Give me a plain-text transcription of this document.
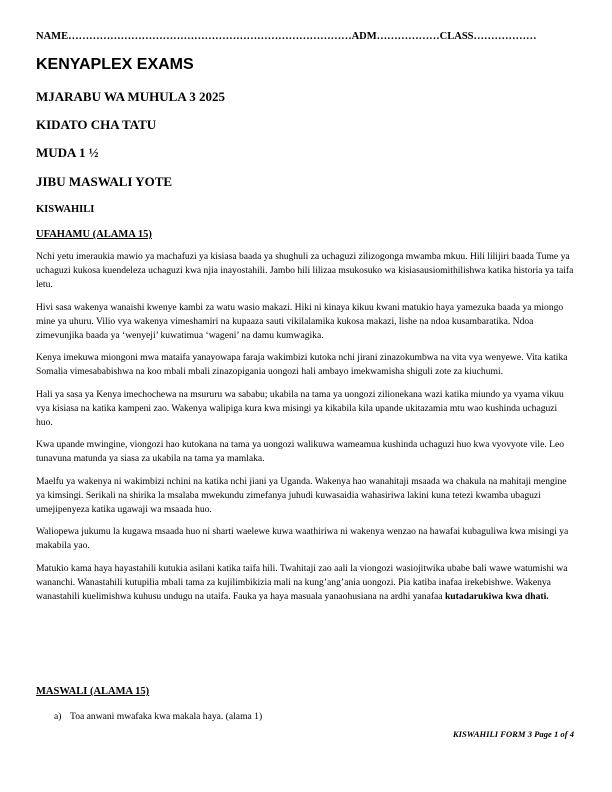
NAME………………………………………………………………………ADM………………CLASS………………
KENYAPLEX EXAMS
MJARABU WA MUHULA 3 2025
KIDATO CHA TATU
MUDA 1 ½
JIBU MASWALI YOTE
KISWAHILI
UFAHAMU (ALAMA 15)

Nchi yetu imeraukia mawio ya machafuzi ya kisiasa baada ya shughuli za uchaguzi zilizogonga mwamba mkuu. Hili lilijiri baada Tume ya uchaguzi kukosa kuendeleza uchaguzi kwa njia inayostahili. Jambo hili lilizaa msukosuko wa kisiasausiomithilishwa katika historia ya taifa letu.

Hivi sasa wakenya wanaishi kwenye kambi za watu wasio makazi. Hiki ni kinaya kikuu kwani matukio haya yamezuka baada ya miongo mine ya uhuru. Vilio vya wakenya vimeshamiri na kupaaza sauti vikilalamika kukosa makazi, lishe na ndoa kusambaratika. Ndoa zimevunjika baada ya ‘wenyeji’ kuwatimua ‘wageni’ na damu kumwagika.

Kenya imekuwa miongoni mwa mataifa yanayowapa faraja wakimbizi kutoka nchi jirani zinazokumbwa na vita vya wenyewe. Vita katika Somalia vimesababishwa na koo mbali mbali zinazopigania uongozi hali ambayo imekwamisha shiguli zote za kiuchumi.

Hali ya sasa ya Kenya imechochewa na msururu wa sababu; ukabila na tama ya uongozi zilionekana wazi katika miundo ya vyama vikuu vya kisiasa na katika kampeni zao. Wakenya walipiga kura kwa misingi ya kikabila kila upande ukitazamia mtu wao kushinda uchaguzi huo.

Kwa upande mwingine, viongozi hao kutokana na tama ya uongozi walikuwa wameamua kushinda uchaguzi huo kwa vyovyote vile. Leo tunavuna matunda ya siasa za ukabila na tama ya mamlaka.

Maelfu ya wakenya ni wakimbizi nchini na katika nchi jiani ya Uganda. Wakenya hao wanahitaji msaada wa chakula na mahitaji mengine ya kimsingi. Serikali na shirika la msalaba mwekundu zimefanya juhudi kuwasaidia wahasiriwa lakini kuna tetezi kwamba ubaguzi umejipenyeza katika ugawaji wa msaada huo.

Waliopewa jukumu la kugawa msaada huo ni sharti waelewe kuwa waathiriwa ni wakenya wenzao na hawafai kubaguliwa kwa misingi ya makabila yao.

Matukio kama haya hayastahili kutukia asilani katika taifa hili. Twahitaji zao aali la viongozi wasiojitwika ubabe bali wawe watumishi wa wananchi. Wanastahili kutupilia mbali tama za kujilimbikizia mali na kung’ang’ania uongozi. Pia katiba inafaa irekebishwe. Wakenya wanastahili kuelimishwa kuhusu undugu na utaifa. Fauka ya haya masuala yanaohusiana na ardhi yanafaa kutadarukiwa kwa dhati.

MASWALI (ALAMA 15)
a) Toa anwani mwafaka kwa makala haya. (alama 1)
KISWAHILI FORM 3 Page 1 of 4
